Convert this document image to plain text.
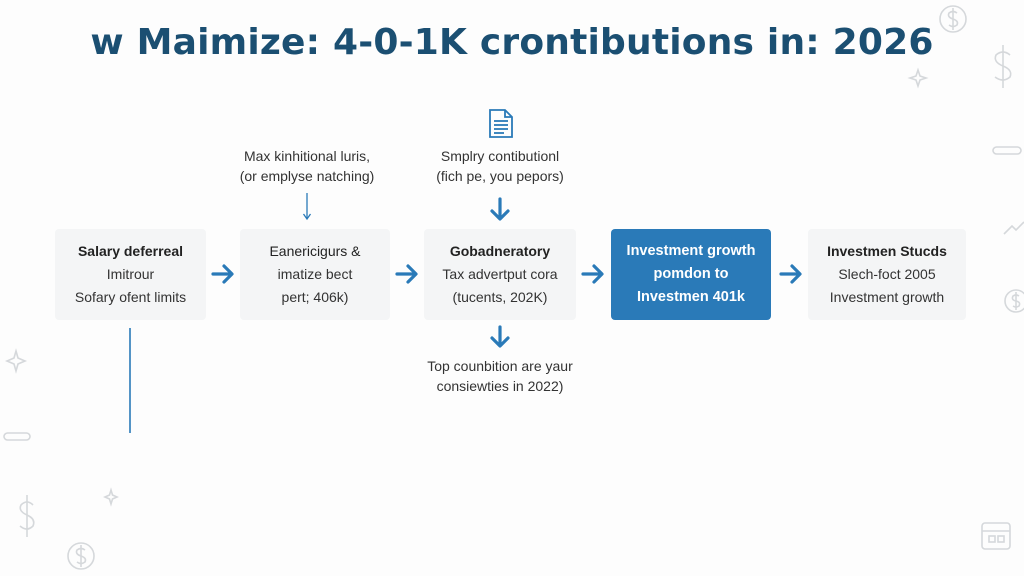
w Maimize: 4-0-1K crontibutions in: 2026
Max kinhitional luris,
(or emplyse natching)
Smplry contibutionl
(fich pe, you pepors)
Top counbition are yaur
consiewties in 2022)
Salary deferreal
Imitrour
Sofary ofent limits
Eanericigurs &
imatize bect
pert; 406k)
Gobadneratory
Tax advertput cora
(tucents, 202K)
Investment growth
pomdon to
Investmen 401k
Investmen Stucds
Slech-foct 2005
Investment growth
